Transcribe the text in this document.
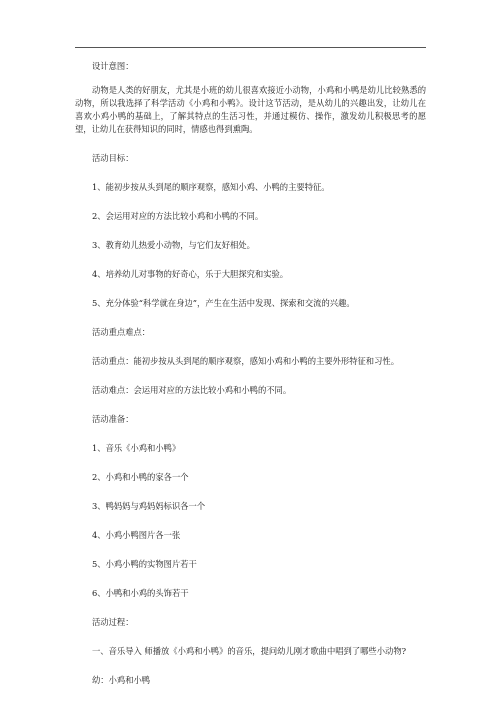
设计意图：

动物是人类的好朋友，尤其是小班的幼儿很喜欢接近小动物，小鸡和小鸭是幼儿比较熟悉的动物，所以我选择了科学活动《小鸡和小鸭》。设计这节活动，是从幼儿的兴趣出发，让幼儿在喜欢小鸡小鸭的基础上，了解其特点的生活习性，并通过模仿、操作，激发幼儿积极思考的愿望，让幼儿在获得知识的同时，情感也得到熏陶。

活动目标：

1、能初步按从头到尾的顺序观察，感知小鸡、小鸭的主要特征。

2、会运用对应的方法比较小鸡和小鸭的不同。

3、教育幼儿热爱小动物，与它们友好相处。

4、培养幼儿对事物的好奇心，乐于大胆探究和实验。

5、充分体验“科学就在身边”，产生在生活中发现、探索和交流的兴趣。

活动重点难点：

活动重点：能初步按从头到尾的顺序观察，感知小鸡和小鸭的主要外形特征和习性。

活动难点：会运用对应的方法比较小鸡和小鸭的不同。

活动准备：

1、音乐《小鸡和小鸭》

2、小鸡和小鸭的家各一个

3、鸭妈妈与鸡妈妈标识各一个

4、小鸡小鸭图片各一张

5、小鸡小鸭的实物图片若干

6、小鸭和小鸡的头饰若干

活动过程：

一、音乐导入 师播放《小鸡和小鸭》的音乐，提问幼儿刚才歌曲中唱到了哪些小动物?

幼：小鸡和小鸭
